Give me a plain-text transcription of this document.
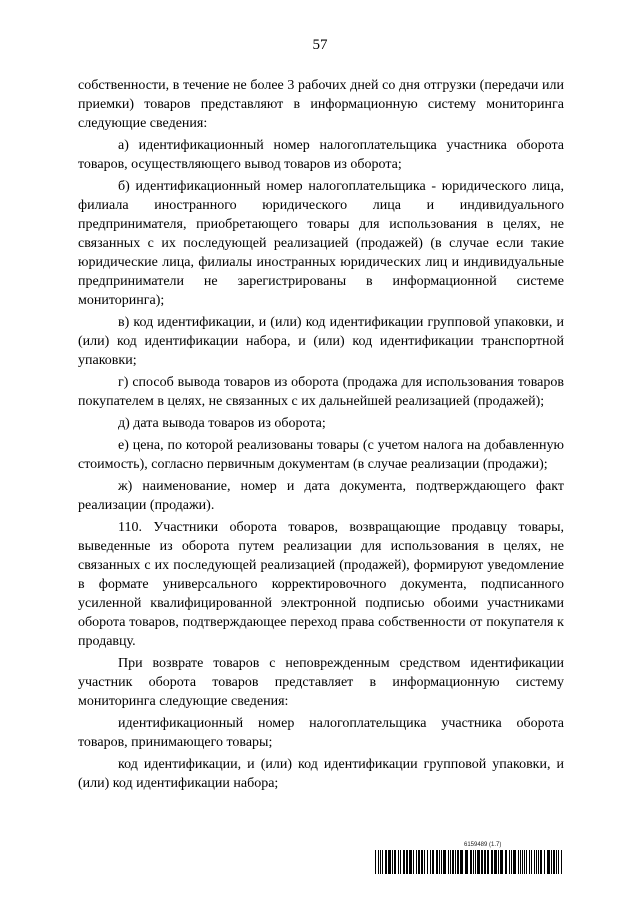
57

собственности, в течение не более 3 рабочих дней со дня отгрузки (передачи или приемки) товаров представляют в информационную систему мониторинга следующие сведения:

а) идентификационный номер налогоплательщика участника оборота товаров, осуществляющего вывод товаров из оборота;

б) идентификационный номер налогоплательщика - юридического лица, филиала иностранного юридического лица и индивидуального предпринимателя, приобретающего товары для использования в целях, не связанных с их последующей реализацией (продажей) (в случае если такие юридические лица, филиалы иностранных юридических лиц и индивидуальные предприниматели не зарегистрированы в информационной системе мониторинга);

в) код идентификации, и (или) код идентификации групповой упаковки, и (или) код идентификации набора, и (или) код идентификации транспортной упаковки;

г) способ вывода товаров из оборота (продажа для использования товаров покупателем в целях, не связанных с их дальнейшей реализацией (продажей);

д) дата вывода товаров из оборота;

е) цена, по которой реализованы товары (с учетом налога на добавленную стоимость), согласно первичным документам (в случае реализации (продажи);

ж) наименование, номер и дата документа, подтверждающего факт реализации (продажи).

110. Участники оборота товаров, возвращающие продавцу товары, выведенные из оборота путем реализации для использования в целях, не связанных с их последующей реализацией (продажей), формируют уведомление в формате универсального корректировочного документа, подписанного усиленной квалифицированной электронной подписью обоими участниками оборота товаров, подтверждающее переход права собственности от покупателя к продавцу.

При возврате товаров с неповрежденным средством идентификации участник оборота товаров представляет в информационную систему мониторинга следующие сведения:

идентификационный номер налогоплательщика участника оборота товаров, принимающего товары;

код идентификации, и (или) код идентификации групповой упаковки, и (или) код идентификации набора;

6159489 (1.7)
